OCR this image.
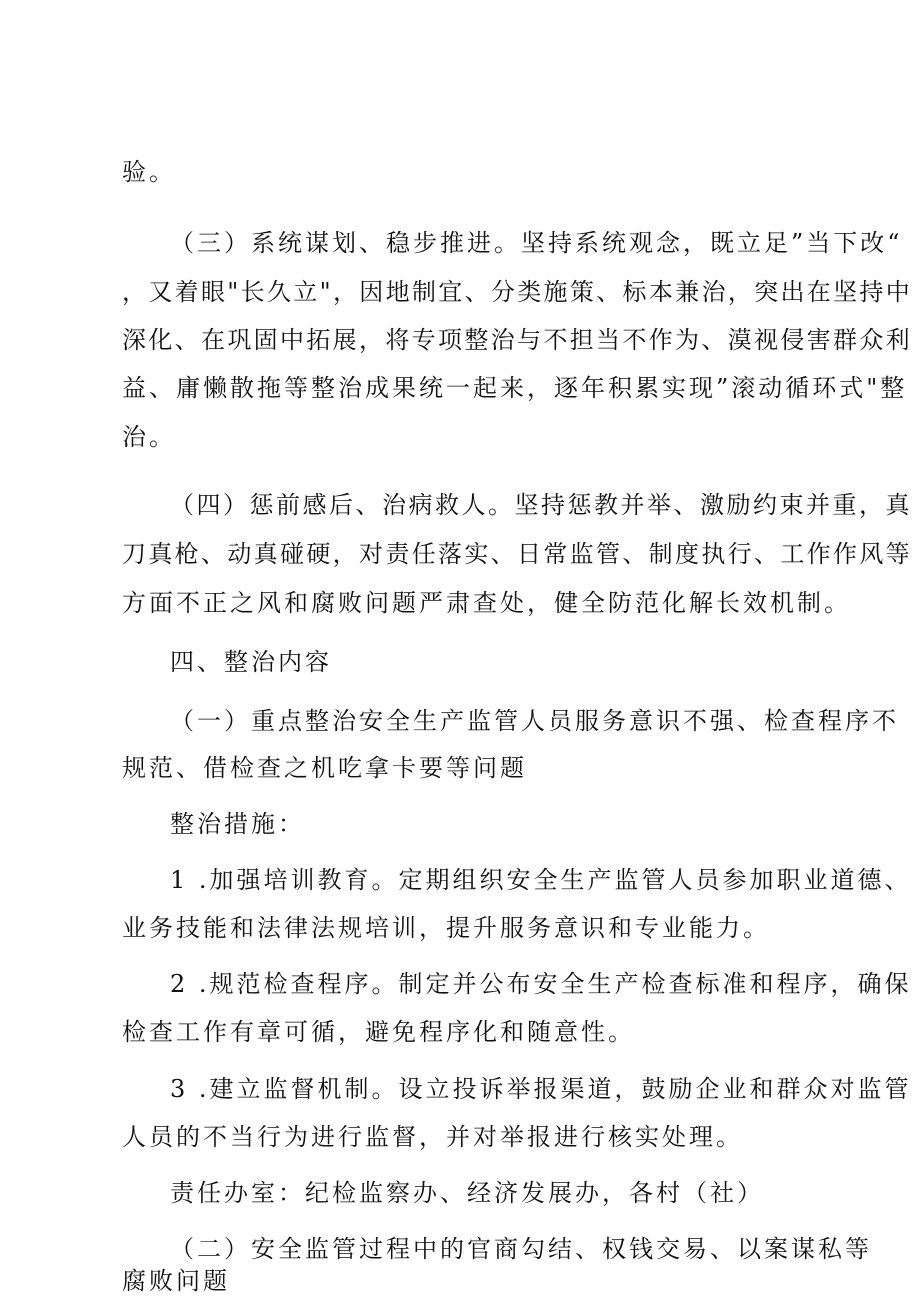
验。
（三）系统谋划、稳步推进。坚持系统观念，既立足”当下改“
，又着眼"长久立"，因地制宜、分类施策、标本兼治，突出在坚持中
深化、在巩固中拓展，将专项整治与不担当不作为、漠视侵害群众利
益、庸懒散拖等整治成果统一起来，逐年积累实现”滚动循环式"整
治。
（四）惩前感后、治病救人。坚持惩教并举、激励约束并重，真
刀真枪、动真碰硬，对责任落实、日常监管、制度执行、工作作风等
方面不正之风和腐败问题严肃查处，健全防范化解长效机制。
四、整治内容
（一）重点整治安全生产监管人员服务意识不强、检查程序不
规范、借检查之机吃拿卡要等问题
整治措施：
1 .加强培训教育。定期组织安全生产监管人员参加职业道德、
业务技能和法律法规培训，提升服务意识和专业能力。
2 .规范检查程序。制定并公布安全生产检查标准和程序，确保
检查工作有章可循，避免程序化和随意性。
3 .建立监督机制。设立投诉举报渠道，鼓励企业和群众对监管
人员的不当行为进行监督，并对举报进行核实处理。
责任办室：纪检监察办、经济发展办，各村（社）
（二）安全监管过程中的官商勾结、权钱交易、以案谋私等
腐败问题
